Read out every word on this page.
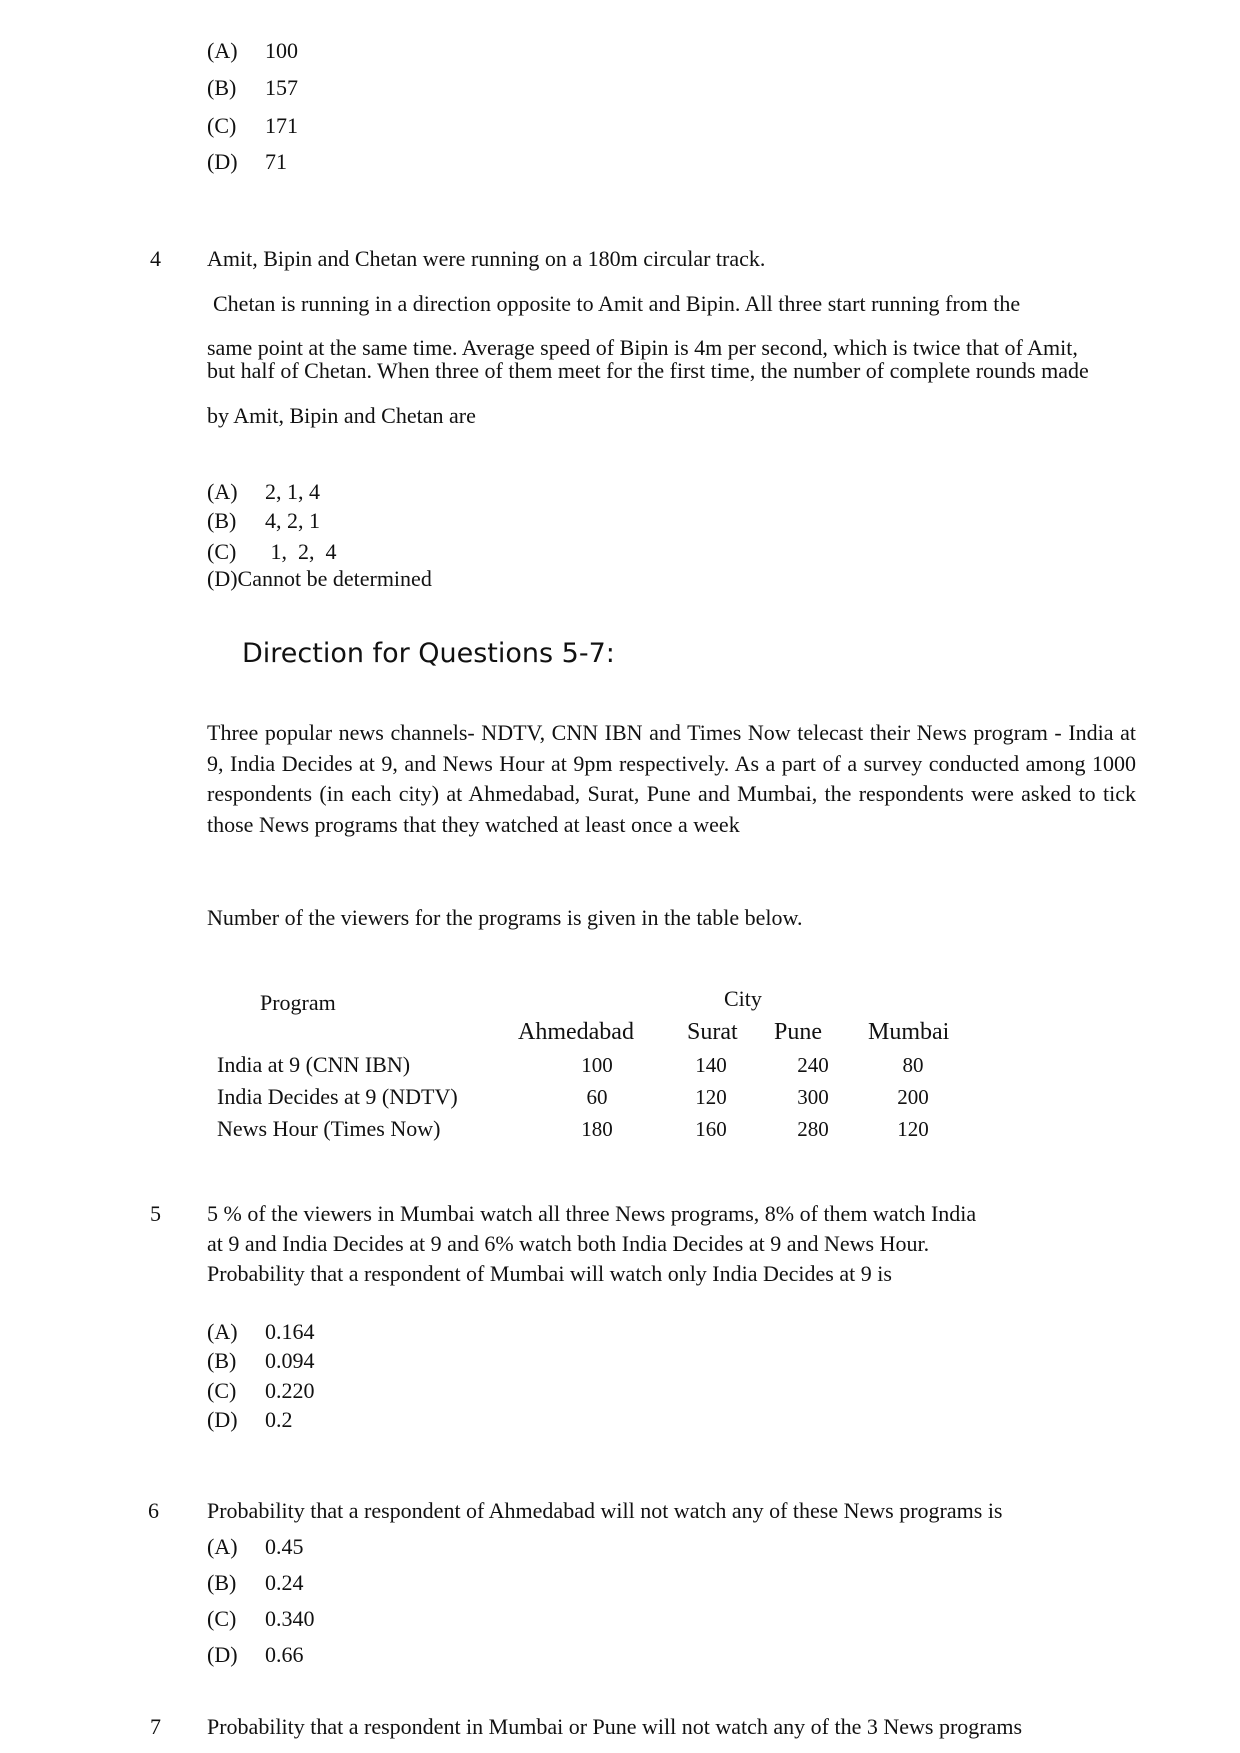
(A) 100
(B) 157
(C) 171
(D) 71
4 Amit, Bipin and Chetan were running on a 180m circular track.
Chetan is running in a direction opposite to Amit and Bipin. All three start running from the
same point at the same time. Average speed of Bipin is 4m per second, which is twice that of Amit,
but half of Chetan. When three of them meet for the first time, the number of complete rounds made
by Amit, Bipin and Chetan are
(A) 2, 1, 4
(B) 4, 2, 1
(C) 1,  2,  4
(D)Cannot be determined
Direction for Questions 5-7:
Three popular news channels- NDTV, CNN IBN and Times Now telecast their News program - India at 9, India Decides at 9, and News Hour at 9pm respectively. As a part of a survey conducted among 1000 respondents (in each city) at Ahmedabad, Surat, Pune and Mumbai, the respondents were asked to tick those News programs that they watched at least once a week
Number of the viewers for the programs is given in the table below.
Program	City
Ahmedabad Surat Pune Mumbai
India at 9 (CNN IBN)	100	140	240	80
India Decides at 9 (NDTV)	60	120	300	200
News Hour (Times Now)	180	160	280	120
5 5 % of the viewers in Mumbai watch all three News programs, 8% of them watch India
at 9 and India Decides at 9 and 6% watch both India Decides at 9 and News Hour.
Probability that a respondent of Mumbai will watch only India Decides at 9 is
(A) 0.164
(B) 0.094
(C) 0.220
(D) 0.2
6 Probability that a respondent of Ahmedabad will not watch any of these News programs is
(A) 0.45
(B) 0.24
(C) 0.340
(D) 0.66
7 Probability that a respondent in Mumbai or Pune will not watch any of the 3 News programs
